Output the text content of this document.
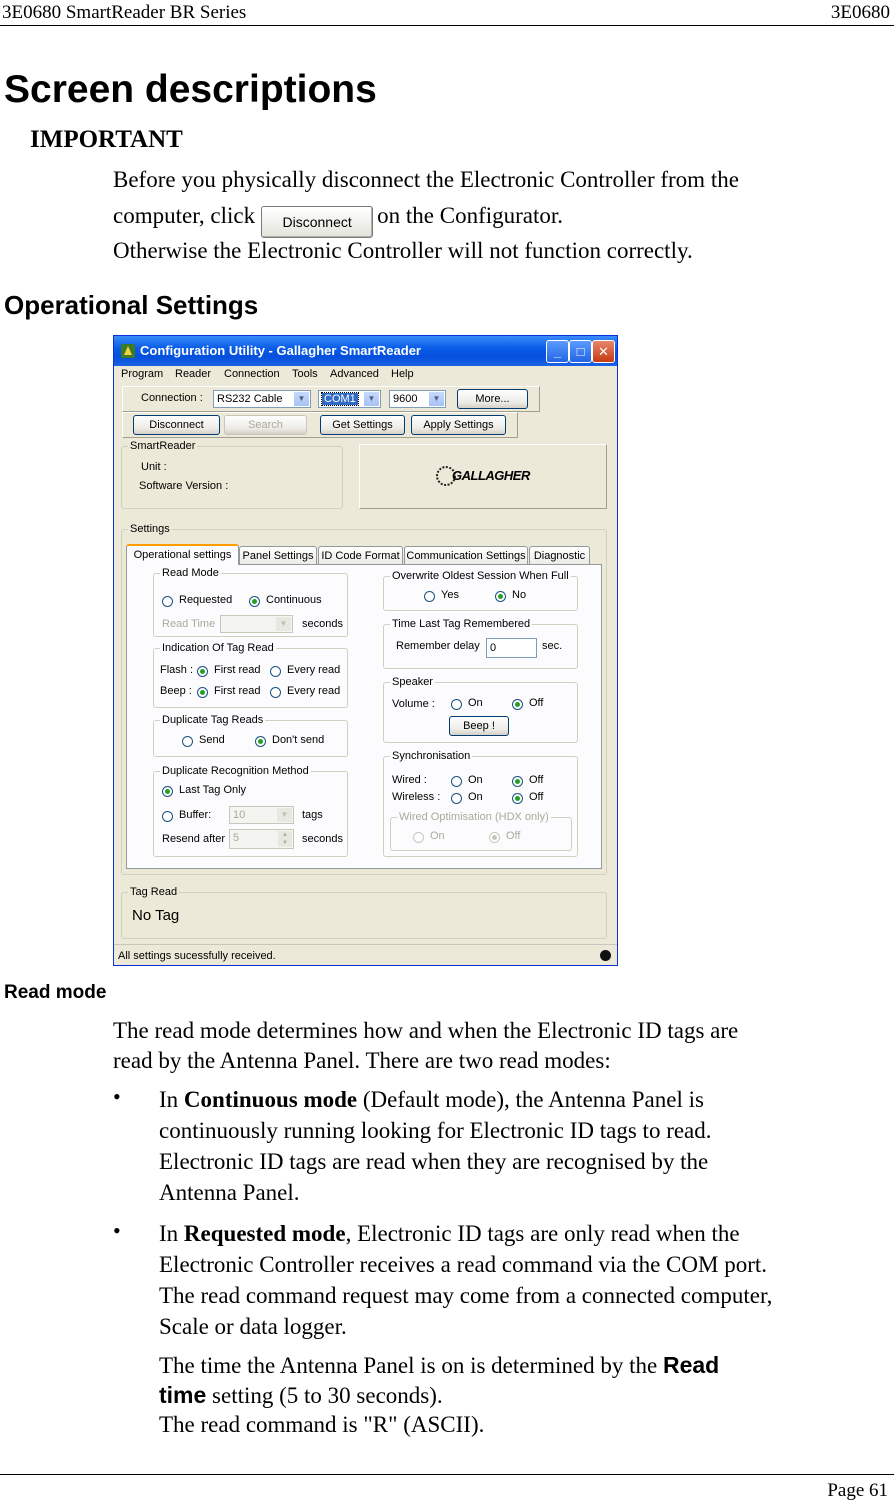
3E0680 SmartReader BR Series	3E0680
Screen descriptions
IMPORTANT
Before you physically disconnect the Electronic Controller from the
computer, click Disconnect on the Configurator.
Otherwise the Electronic Controller will not function correctly.
Operational Settings
Configuration Utility - Gallagher SmartReader	_	□	✕
Program Reader Connection Tools Advanced Help
Connection :	RS232 Cable	▼	COM1	▼	9600	▼	More...
Disconnect	Search	Get Settings	Apply Settings
SmartReader
Unit :
Software Version :
GALLAGHER
Settings
Operational settings	Panel Settings ID Code Format Communication Settings Diagnostic
Read Mode
Requested	Continuous
Read Time	▼	seconds
Indication Of Tag Read
Flash : First read Every read
Beep : First read Every read
Duplicate Tag Reads
Send	Don't send
Duplicate Recognition Method
Last Tag Only
Buffer:	10	▼	tags
Resend after 5	▲
▼	seconds
Overwrite Oldest Session When Full
Yes	No
Time Last Tag Remembered
Remember delay 0	sec.
Speaker
Volume :	On	Off
Beep !
Synchronisation
Wired :	On	Off
Wireless :	On	Off
Wired Optimisation (HDX only)
On	Off
Tag Read
No Tag
All settings sucessfully received.
Read mode
The read mode determines how and when the Electronic ID tags are
read by the Antenna Panel. There are two read modes:
• In Continuous mode (Default mode), the Antenna Panel is
continuously running looking for Electronic ID tags to read.
Electronic ID tags are read when they are recognised by the
Antenna Panel.
• In Requested mode, Electronic ID tags are only read when the
Electronic Controller receives a read command via the COM port.
The read command request may come from a connected computer,
Scale or data logger.
The time the Antenna Panel is on is determined by the Read
time setting (5 to 30 seconds).
The read command is "R" (ASCII).
Page 61
